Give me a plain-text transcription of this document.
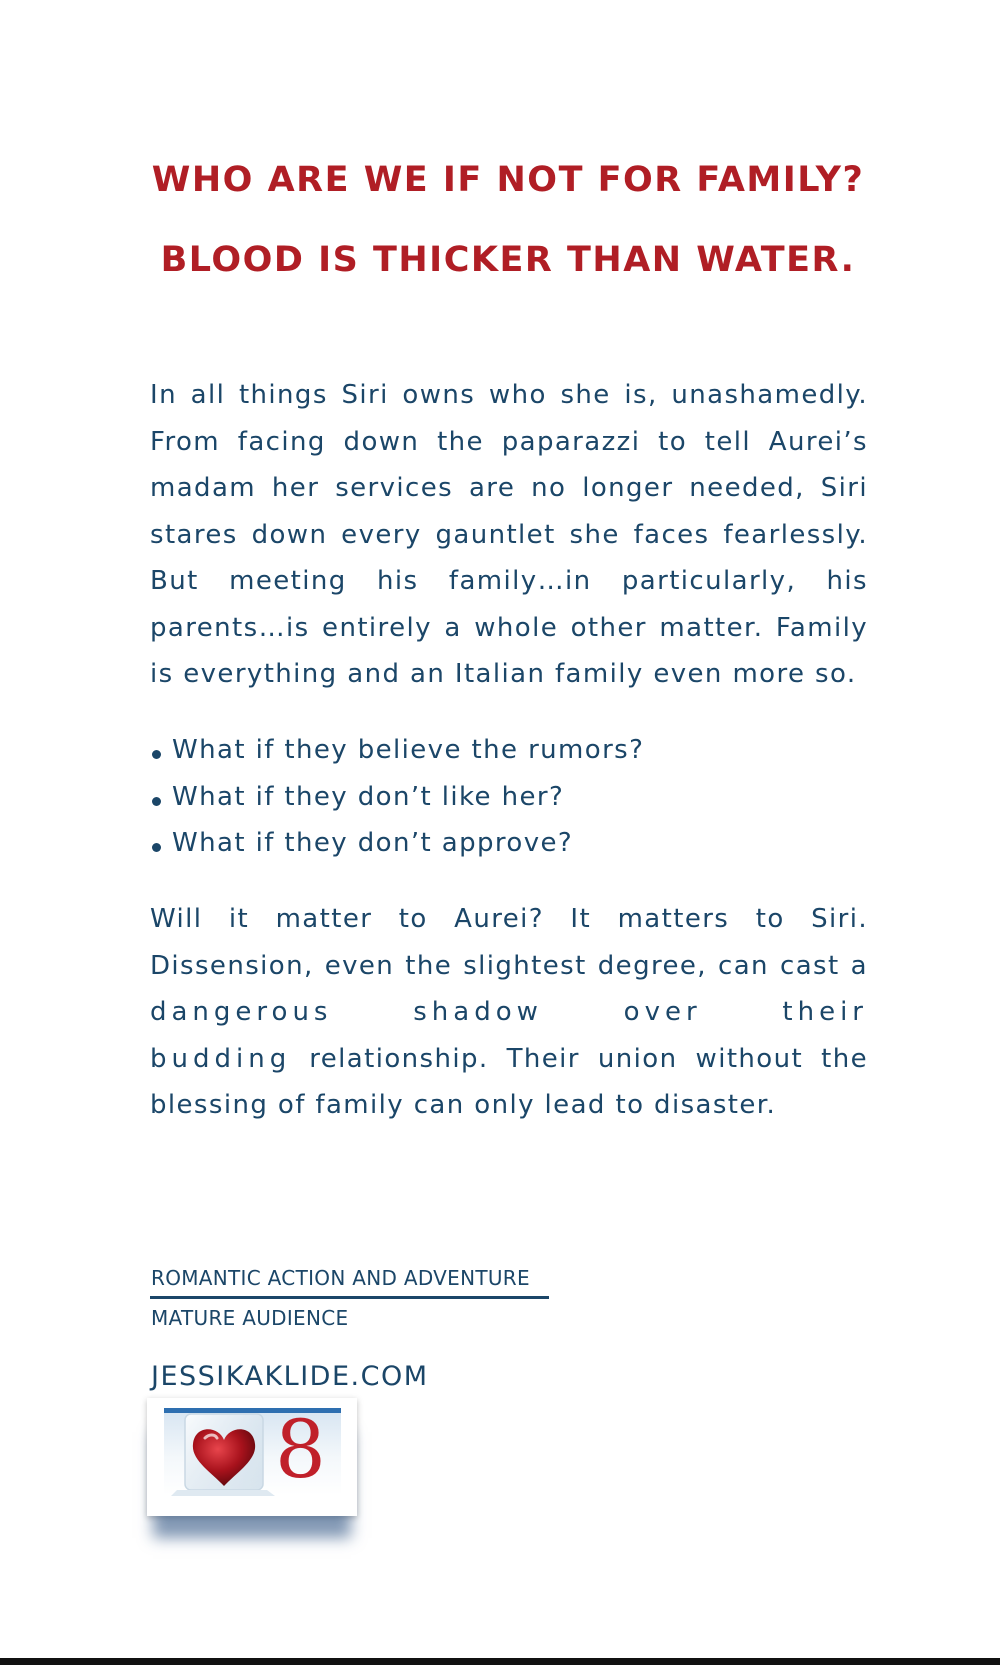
WHO ARE WE IF NOT FOR FAMILY?
BLOOD IS THICKER THAN WATER.

In all things Siri owns who she is, unashamedly. From facing down the paparazzi to tell Aurei’s madam her services are no longer needed, Siri stares down every gauntlet she faces fearlessly. But meeting his family…in particularly, his parents…is entirely a whole other matter. Family is everything and an Italian family even more so.

What if they believe the rumors?
What if they don’t like her?
What if they don’t approve?

Will it matter to Aurei? It matters to Siri. Dissension, even the slightest degree, can cast a dangerous shadow over their budding relationship. Their union without the blessing of family can only lead to disaster.

ROMANTIC ACTION AND ADVENTURE

MATURE AUDIENCE

JESSIKAKLIDE.COM

8
